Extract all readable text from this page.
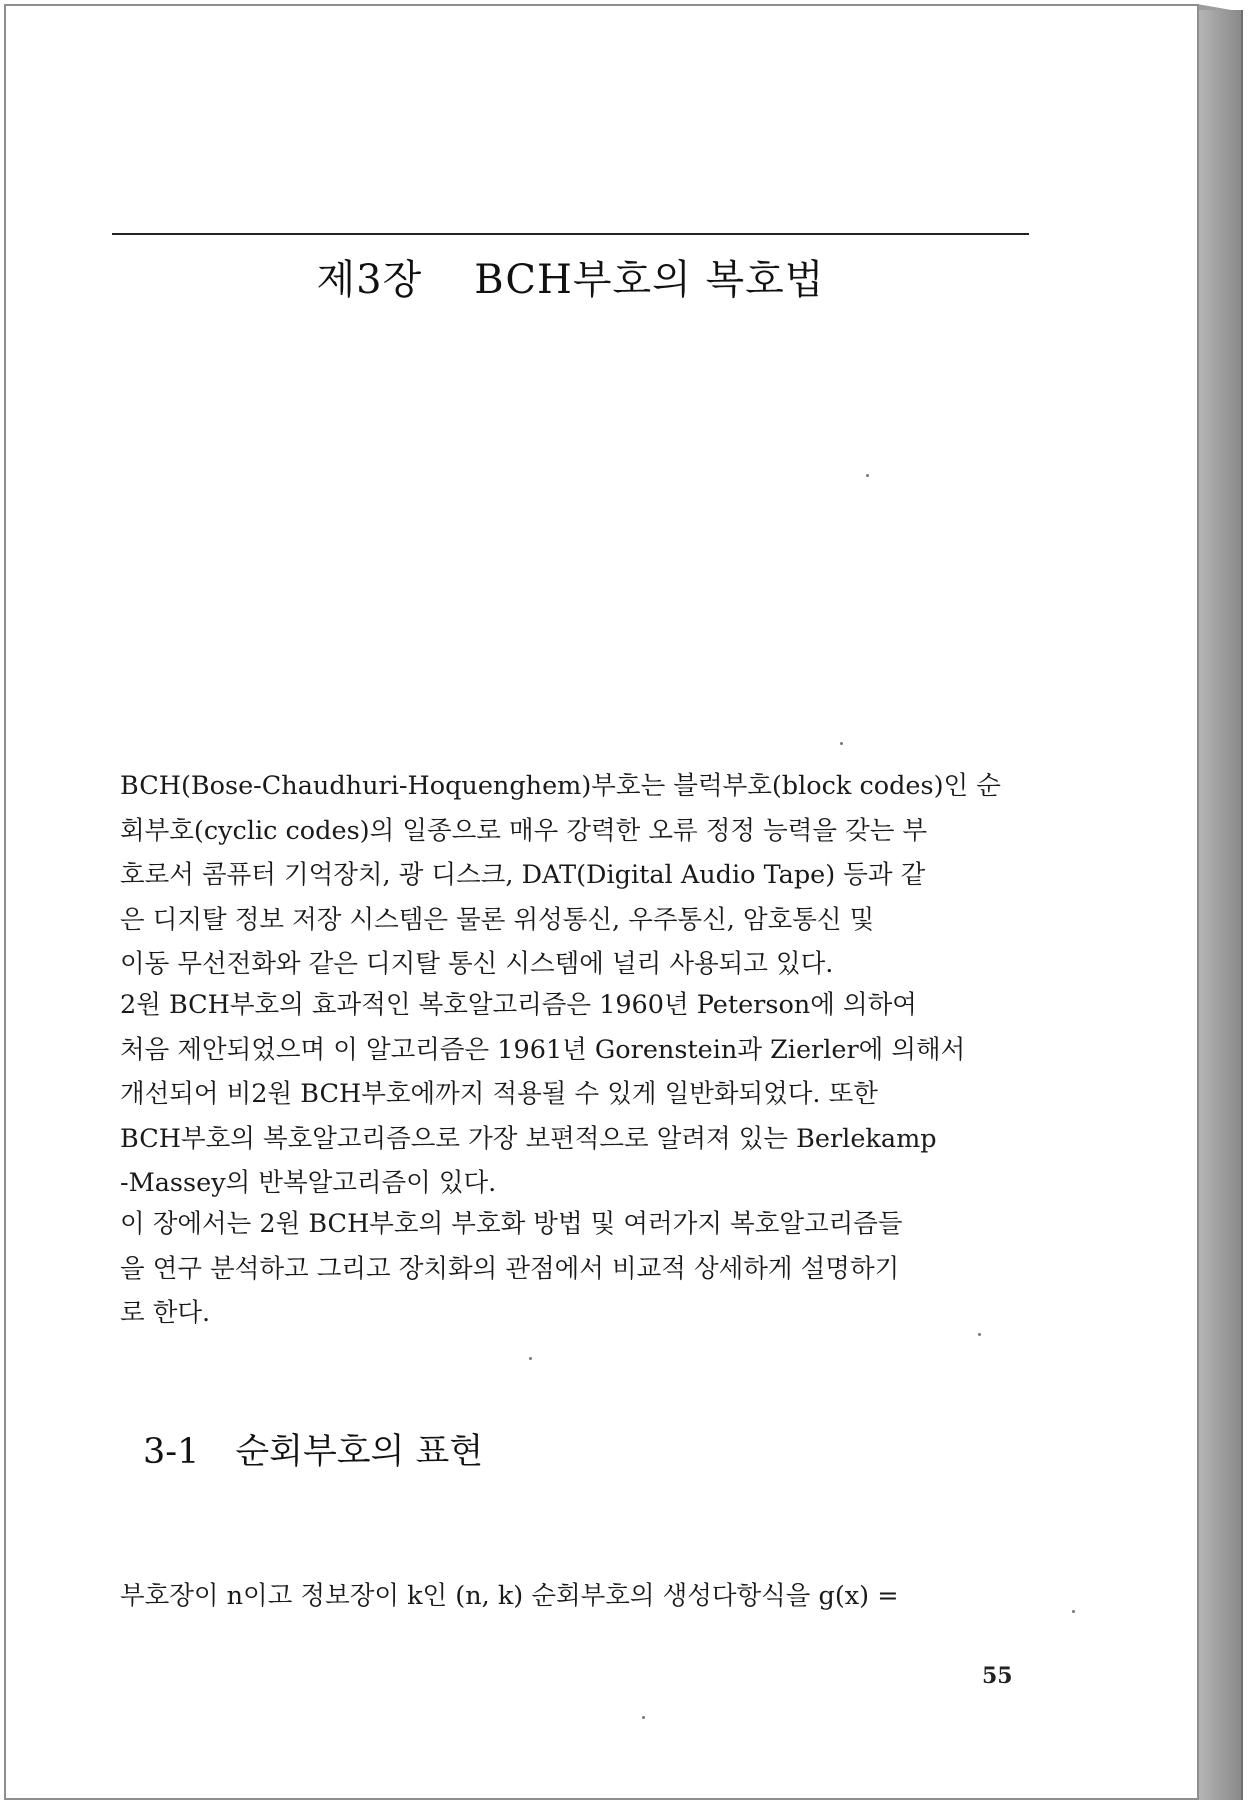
제3장 BCH부호의 복호법

BCH(Bose-Chaudhuri-Hoquenghem)부호는 블럭부호(block codes)인 순
회부호(cyclic codes)의 일종으로 매우 강력한 오류 정정 능력을 갖는 부
호로서 콤퓨터 기억장치, 광 디스크, DAT(Digital Audio Tape) 등과 같
은 디지탈 정보 저장 시스템은 물론 위성통신, 우주통신, 암호통신 및
이동 무선전화와 같은 디지탈 통신 시스템에 널리 사용되고 있다.

2원 BCH부호의 효과적인 복호알고리즘은 1960년 Peterson에 의하여
처음 제안되었으며 이 알고리즘은 1961년 Gorenstein과 Zierler에 의해서
개선되어 비2원 BCH부호에까지 적용될 수 있게 일반화되었다. 또한
BCH부호의 복호알고리즘으로 가장 보편적으로 알려져 있는 Berlekamp
-Massey의 반복알고리즘이 있다.

이 장에서는 2원 BCH부호의 부호화 방법 및 여러가지 복호알고리즘들
을 연구 분석하고 그리고 장치화의 관점에서 비교적 상세하게 설명하기
로 한다.

3-1 순회부호의 표현

부호장이 n이고 정보장이 k인 (n, k) 순회부호의 생성다항식을 g(x) =

55
